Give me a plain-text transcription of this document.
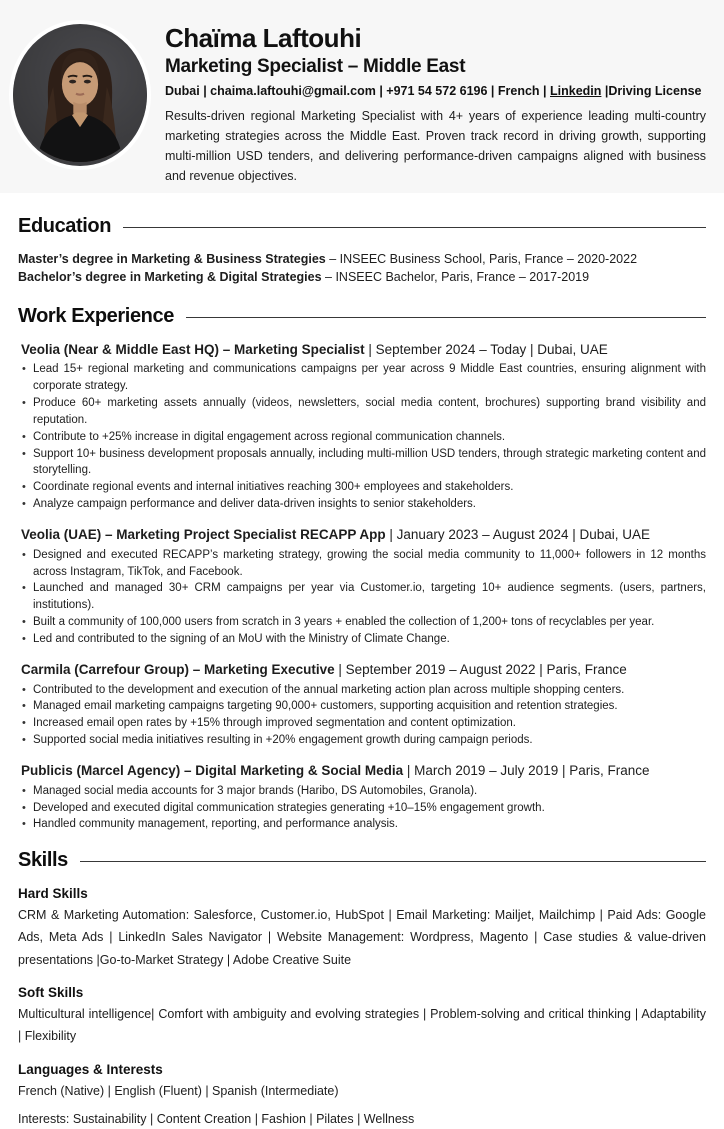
Chaïma Laftouhi
Marketing Specialist – Middle East
Dubai | chaima.laftouhi@gmail.com | +971 54 572 6196 | French | Linkedin |Driving License
Results-driven regional Marketing Specialist with 4+ years of experience leading multi-country marketing strategies across the Middle East. Proven track record in driving growth, supporting multi-million USD tenders, and delivering performance-driven campaigns aligned with business and revenue objectives.
Education
Master’s degree in Marketing & Business Strategies – INSEEC Business School, Paris, France – 2020-2022
Bachelor’s degree in Marketing & Digital Strategies – INSEEC Bachelor, Paris, France – 2017-2019
Work Experience
Veolia (Near & Middle East HQ) – Marketing Specialist | September 2024 – Today | Dubai, UAE
• Lead 15+ regional marketing and communications campaigns per year across 9 Middle East countries, ensuring alignment with corporate strategy.
• Produce 60+ marketing assets annually (videos, newsletters, social media content, brochures) supporting brand visibility and reputation.
• Contribute to +25% increase in digital engagement across regional communication channels.
• Support 10+ business development proposals annually, including multi-million USD tenders, through strategic marketing content and storytelling.
• Coordinate regional events and internal initiatives reaching 300+ employees and stakeholders.
• Analyze campaign performance and deliver data-driven insights to senior stakeholders.
Veolia (UAE) – Marketing Project Specialist RECAPP App | January 2023 – August 2024 | Dubai, UAE
• Designed and executed RECAPP’s marketing strategy, growing the social media community to 11,000+ followers in 12 months across Instagram, TikTok, and Facebook.
• Launched and managed 30+ CRM campaigns per year via Customer.io, targeting 10+ audience segments. (users, partners, institutions).
• Built a community of 100,000 users from scratch in 3 years + enabled the collection of 1,200+ tons of recyclables per year.
• Led and contributed to the signing of an MoU with the Ministry of Climate Change.
Carmila (Carrefour Group) – Marketing Executive | September 2019 – August 2022 | Paris, France
• Contributed to the development and execution of the annual marketing action plan across multiple shopping centers.
• Managed email marketing campaigns targeting 90,000+ customers, supporting acquisition and retention strategies.
• Increased email open rates by +15% through improved segmentation and content optimization.
• Supported social media initiatives resulting in +20% engagement growth during campaign periods.
Publicis (Marcel Agency) – Digital Marketing & Social Media | March 2019 – July 2019 | Paris, France
• Managed social media accounts for 3 major brands (Haribo, DS Automobiles, Granola).
• Developed and executed digital communication strategies generating +10–15% engagement growth.
• Handled community management, reporting, and performance analysis.
Skills
Hard Skills
CRM & Marketing Automation: Salesforce, Customer.io, HubSpot | Email Marketing: Mailjet, Mailchimp | Paid Ads: Google Ads, Meta Ads | LinkedIn Sales Navigator | Website Management: Wordpress, Magento | Case studies & value-driven presentations |Go-to-Market Strategy | Adobe Creative Suite
Soft Skills
Multicultural intelligence| Comfort with ambiguity and evolving strategies | Problem-solving and critical thinking | Adaptability | Flexibility
Languages & Interests
French (Native) | English (Fluent) | Spanish (Intermediate)
Interests: Sustainability | Content Creation | Fashion | Pilates | Wellness
